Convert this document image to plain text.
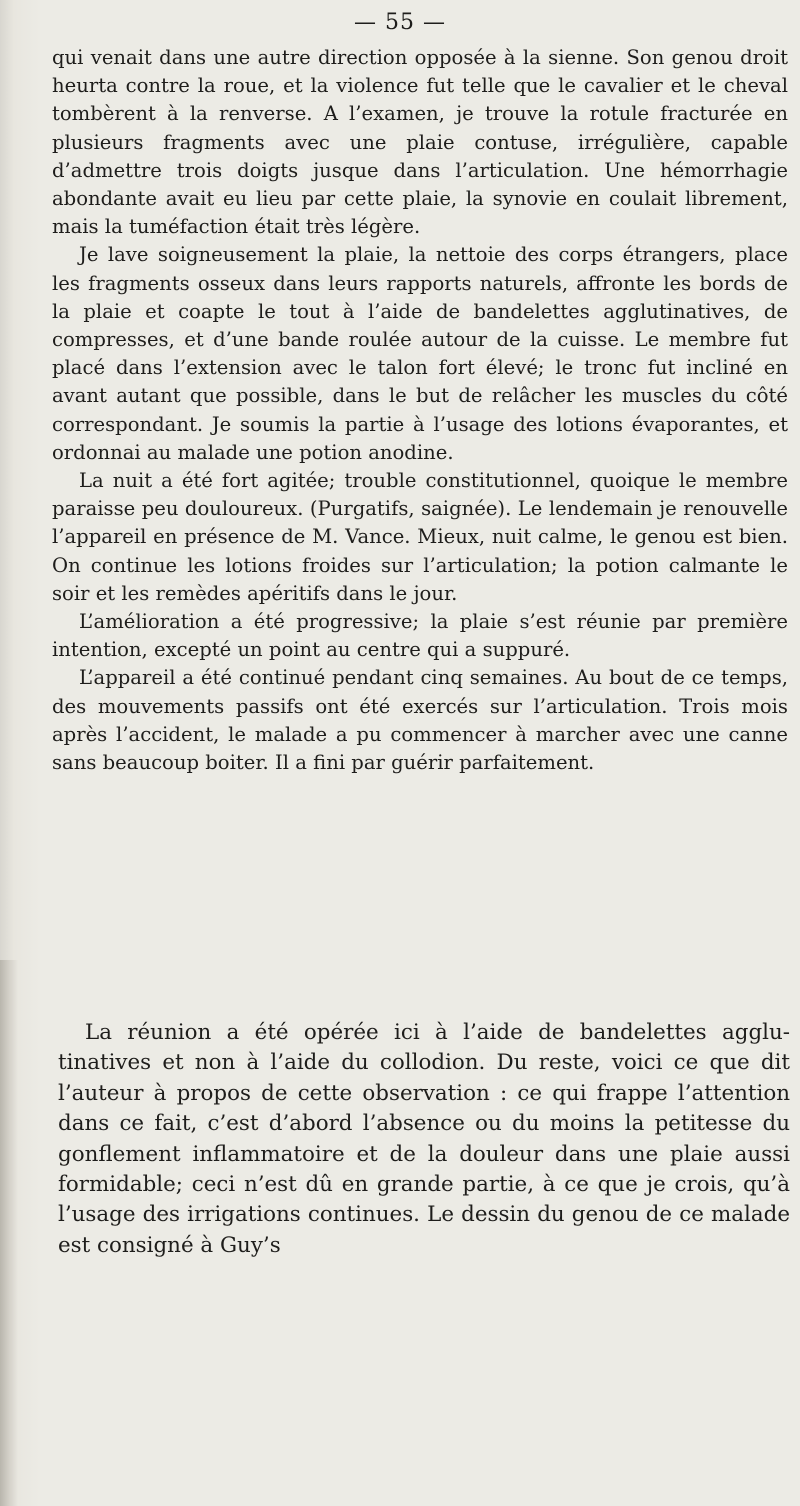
— 55 —

qui venait dans une autre direction opposée à la sienne. Son genou droit heurta contre la roue, et la violence fut telle que le cavalier et le cheval tombèrent à la renverse. A l’examen, je trouve la rotule fracturée en plusieurs fragments avec une plaie contuse, irrégulière, capable d’admettre trois doigts jusque dans l’articulation. Une hémorrhagie abondante avait eu lieu par cette plaie, la synovie en coulait librement, mais la tuméfaction était très légère.

Je lave soigneusement la plaie, la nettoie des corps étrangers, place les fragments osseux dans leurs rapports naturels, affronte les bords de la plaie et coapte le tout à l’aide de bandelettes agglutinatives, de compresses, et d’une bande roulée autour de la cuisse. Le membre fut placé dans l’extension avec le talon fort élevé; le tronc fut incliné en avant autant que possible, dans le but de relâcher les muscles du côté correspondant. Je soumis la partie à l’usage des lotions évaporantes, et ordonnai au malade une potion anodine.

La nuit a été fort agitée; trouble constitutionnel, quoique le membre paraisse peu douloureux. (Purgatifs, saignée). Le lendemain je renouvelle l’appareil en présence de M. Vance. Mieux, nuit calme, le genou est bien. On continue les lotions froides sur l’articulation; la potion calmante le soir et les remèdes apéritifs dans le jour.

L’amélioration a été progressive; la plaie s’est réunie par première intention, excepté un point au centre qui a suppuré.

L’appareil a été continué pendant cinq semaines. Au bout de ce temps, des mouvements passifs ont été exercés sur l’articulation. Trois mois après l’accident, le malade a pu commencer à marcher avec une canne sans beaucoup boiter. Il a fini par guérir parfaitement.

La réunion a été opérée ici à l’aide de bandelettes agglutinatives et non à l’aide du collodion. Du reste, voici ce que dit l’auteur à propos de cette observation : ce qui frappe l’attention dans ce fait, c’est d’abord l’absence ou du moins la petitesse du gonflement inflammatoire et de la douleur dans une plaie aussi formidable; ceci n’est dû en grande partie, à ce que je crois, qu’à l’usage des irrigations continues. Le dessin du genou de ce malade est consigné à Guy’s
